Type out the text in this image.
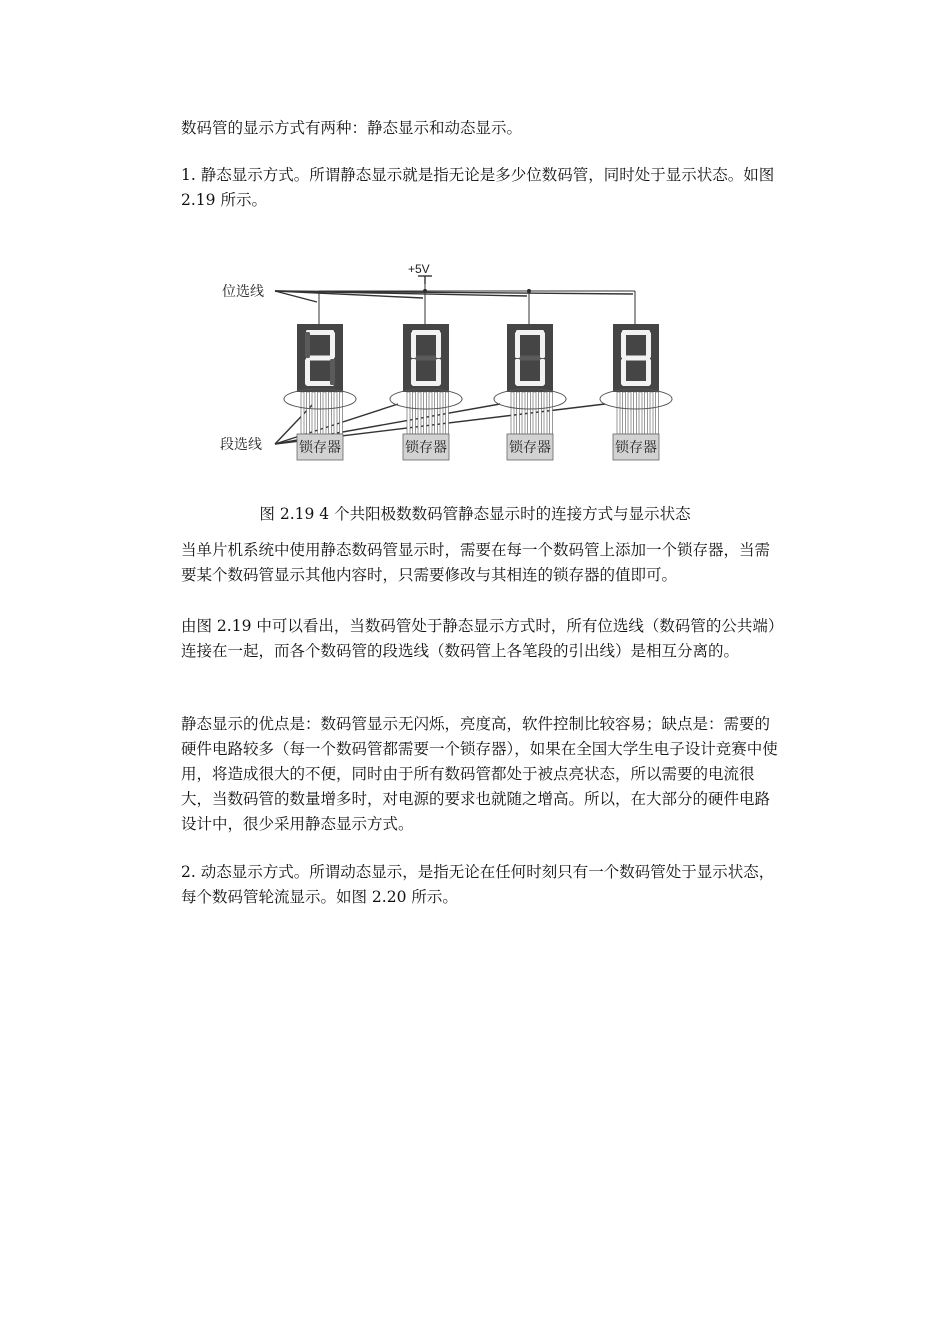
数码管的显示方式有两种：静态显示和动态显示。

1. 静态显示方式。所谓静态显示就是指无论是多少位数码管，同时处于显示状态。如图 2.19 所示。

+5V
位选线
段选线	锁存器	锁存器	锁存器	锁存器
图 2.19 4 个共阳极数数码管静态显示时的连接方式与显示状态

当单片机系统中使用静态数码管显示时，需要在每一个数码管上添加一个锁存器，当需要某个数码管显示其他内容时，只需要修改与其相连的锁存器的值即可。

由图 2.19 中可以看出，当数码管处于静态显示方式时，所有位选线（数码管的公共端）连接在一起，而各个数码管的段选线（数码管上各笔段的引出线）是相互分离的。

静态显示的优点是：数码管显示无闪烁，亮度高，软件控制比较容易；缺点是：需要的硬件电路较多（每一个数码管都需要一个锁存器），如果在全国大学生电子设计竞赛中使用，将造成很大的不便，同时由于所有数码管都处于被点亮状态，所以需要的电流很大，当数码管的数量增多时，对电源的要求也就随之增高。所以，在大部分的硬件电路设计中，很少采用静态显示方式。

2. 动态显示方式。所谓动态显示，是指无论在任何时刻只有一个数码管处于显示状态，每个数码管轮流显示。如图 2.20 所示。
